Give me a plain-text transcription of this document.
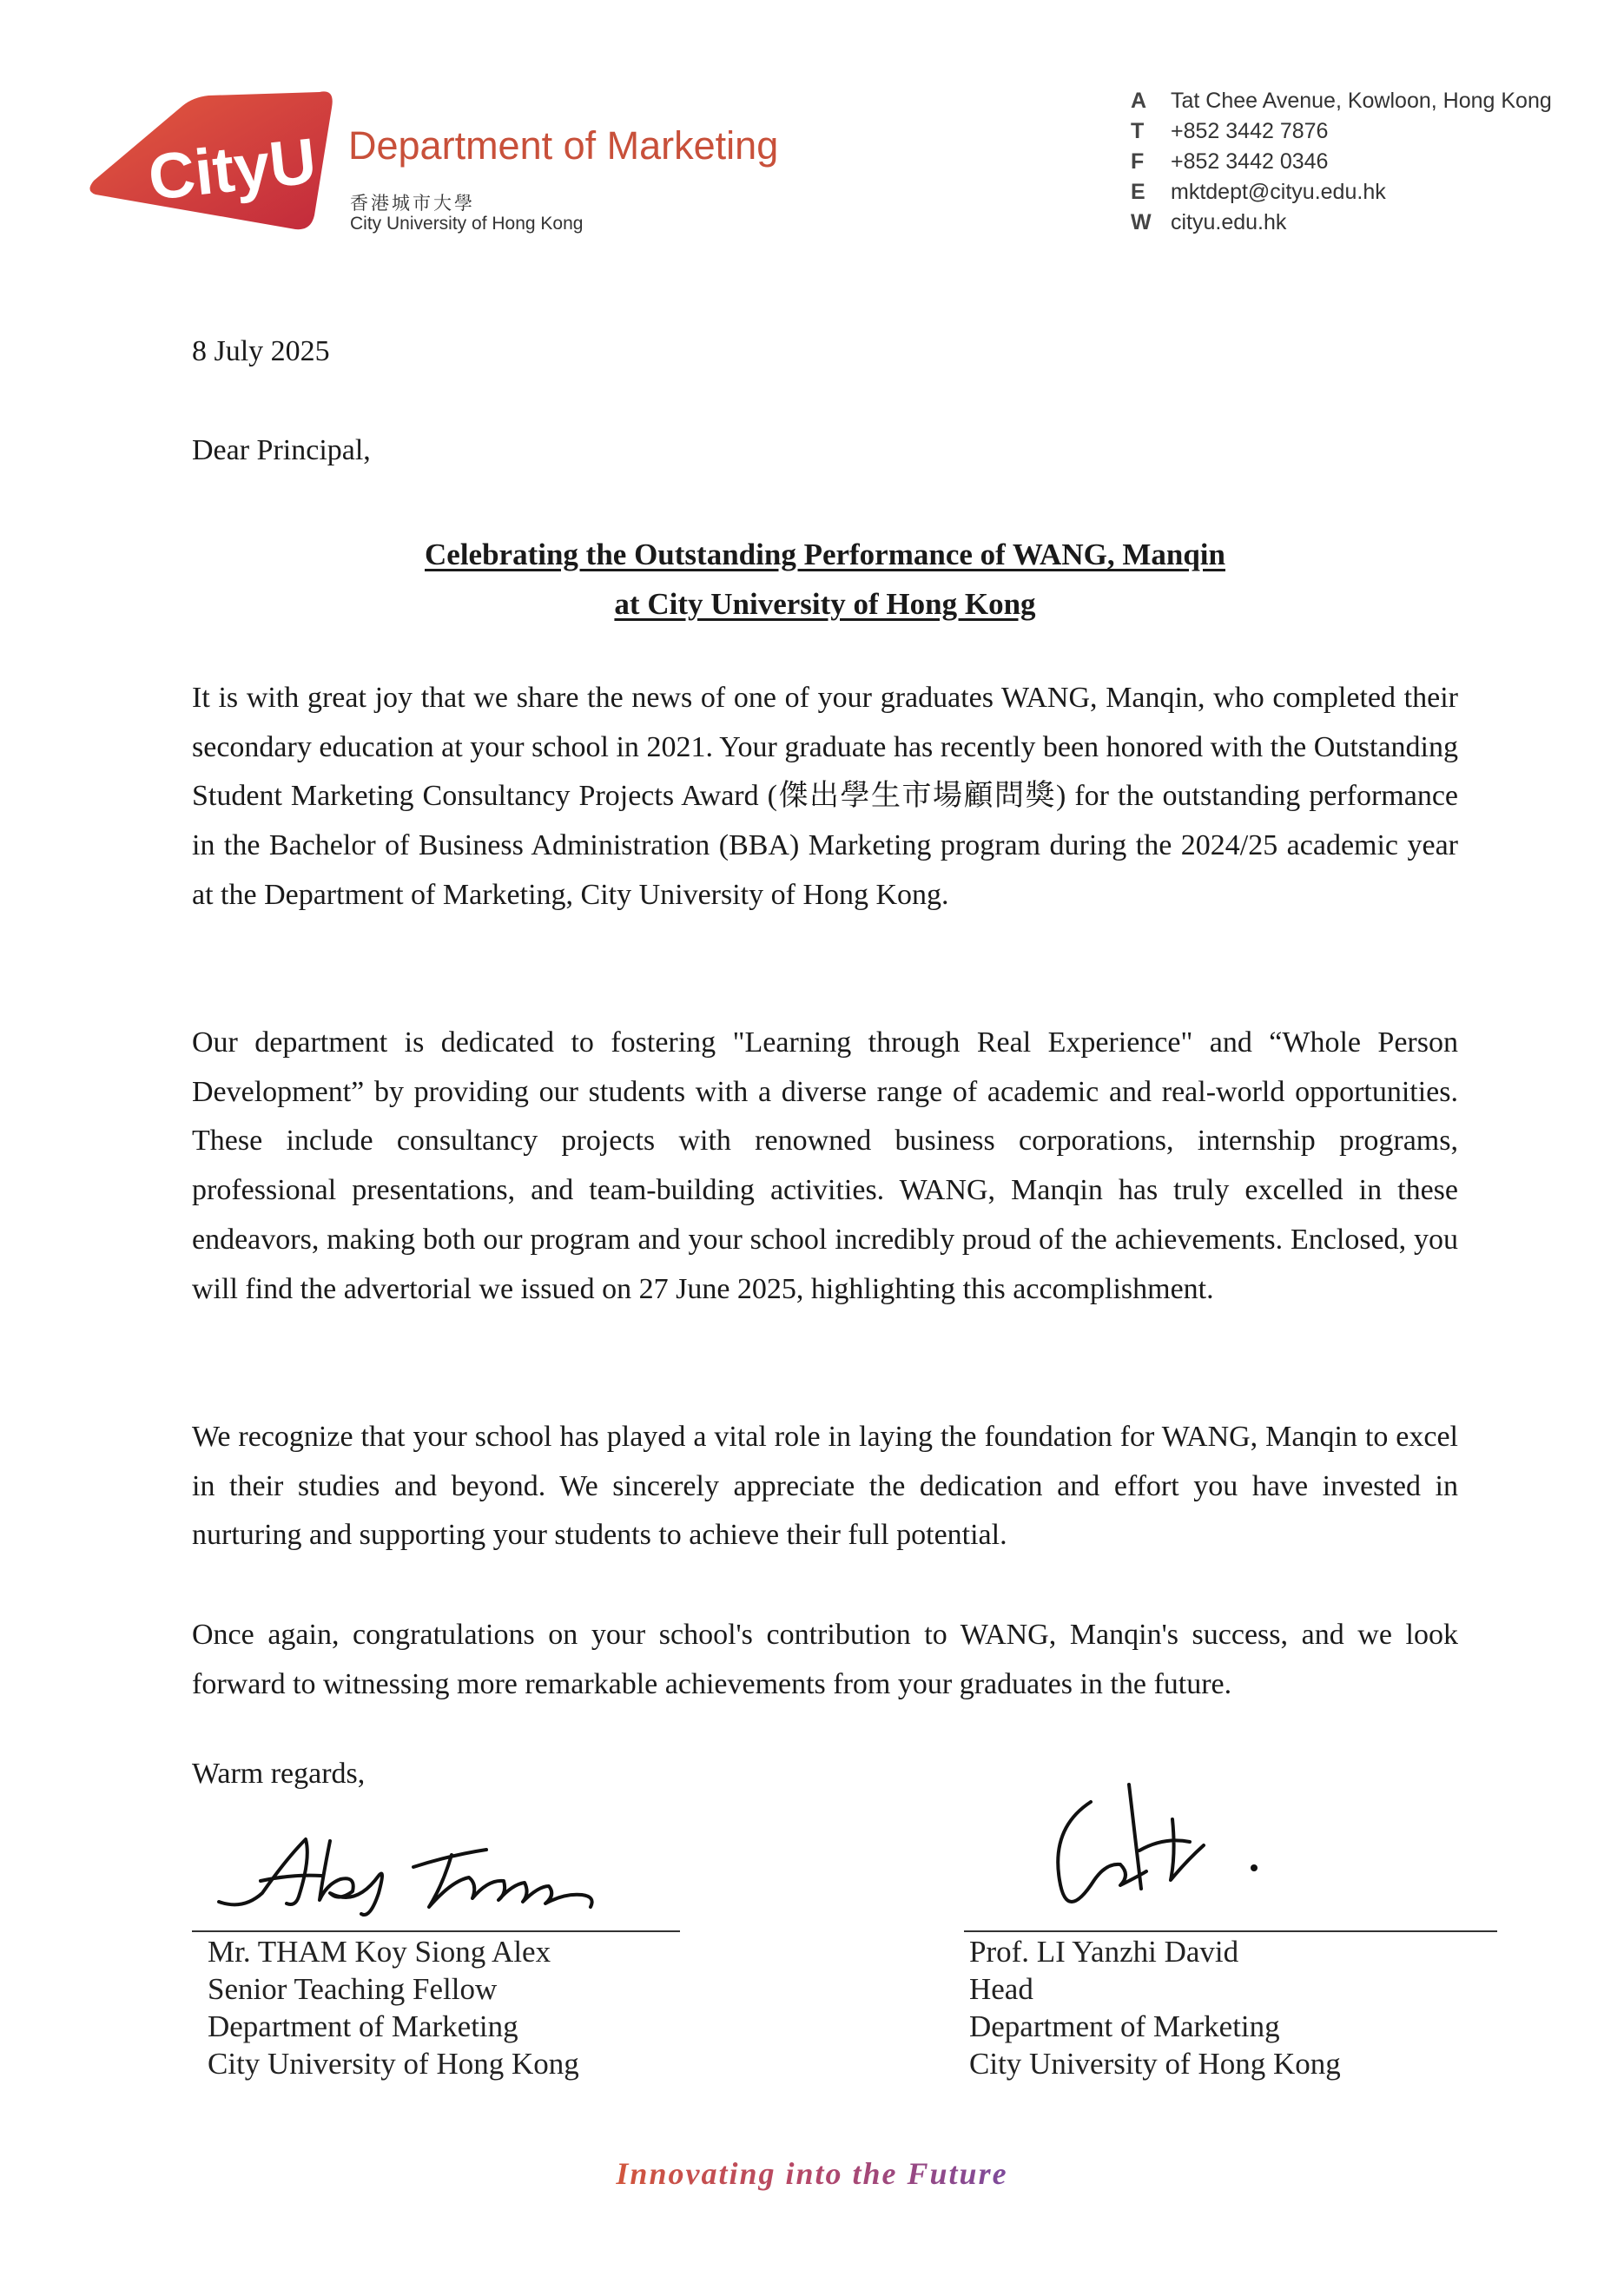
CityU Department of Marketing
香港城市大學
City University of Hong Kong
A Tat Chee Avenue, Kowloon, Hong Kong
T +852 3442 7876
F +852 3442 0346
E mktdept@cityu.edu.hk
W cityu.edu.hk
8 July 2025
Dear Principal,
Celebrating the Outstanding Performance of WANG, Manqin
at City University of Hong Kong
It is with great joy that we share the news of one of your graduates WANG, Manqin, who completed their secondary education at your school in 2021. Your graduate has recently been honored with the Outstanding Student Marketing Consultancy Projects Award (傑出學生市場顧問獎) for the outstanding performance in the Bachelor of Business Administration (BBA) Marketing program during the 2024/25 academic year at the Department of Marketing, City University of Hong Kong.
Our department is dedicated to fostering "Learning through Real Experience" and “Whole Person Development” by providing our students with a diverse range of academic and real-world opportunities. These include consultancy projects with renowned business corporations, internship programs, professional presentations, and team-building activities. WANG, Manqin has truly excelled in these endeavors, making both our program and your school incredibly proud of the achievements. Enclosed, you will find the advertorial we issued on 27 June 2025, highlighting this accomplishment.
We recognize that your school has played a vital role in laying the foundation for WANG, Manqin to excel in their studies and beyond. We sincerely appreciate the dedication and effort you have invested in nurturing and supporting your students to achieve their full potential.
Once again, congratulations on your school's contribution to WANG, Manqin's success, and we look forward to witnessing more remarkable achievements from your graduates in the future.
Warm regards,
Mr. THAM Koy Siong Alex
Senior Teaching Fellow
Department of Marketing
City University of Hong Kong
Prof. LI Yanzhi David
Head
Department of Marketing
City University of Hong Kong
Innovating into the Future
